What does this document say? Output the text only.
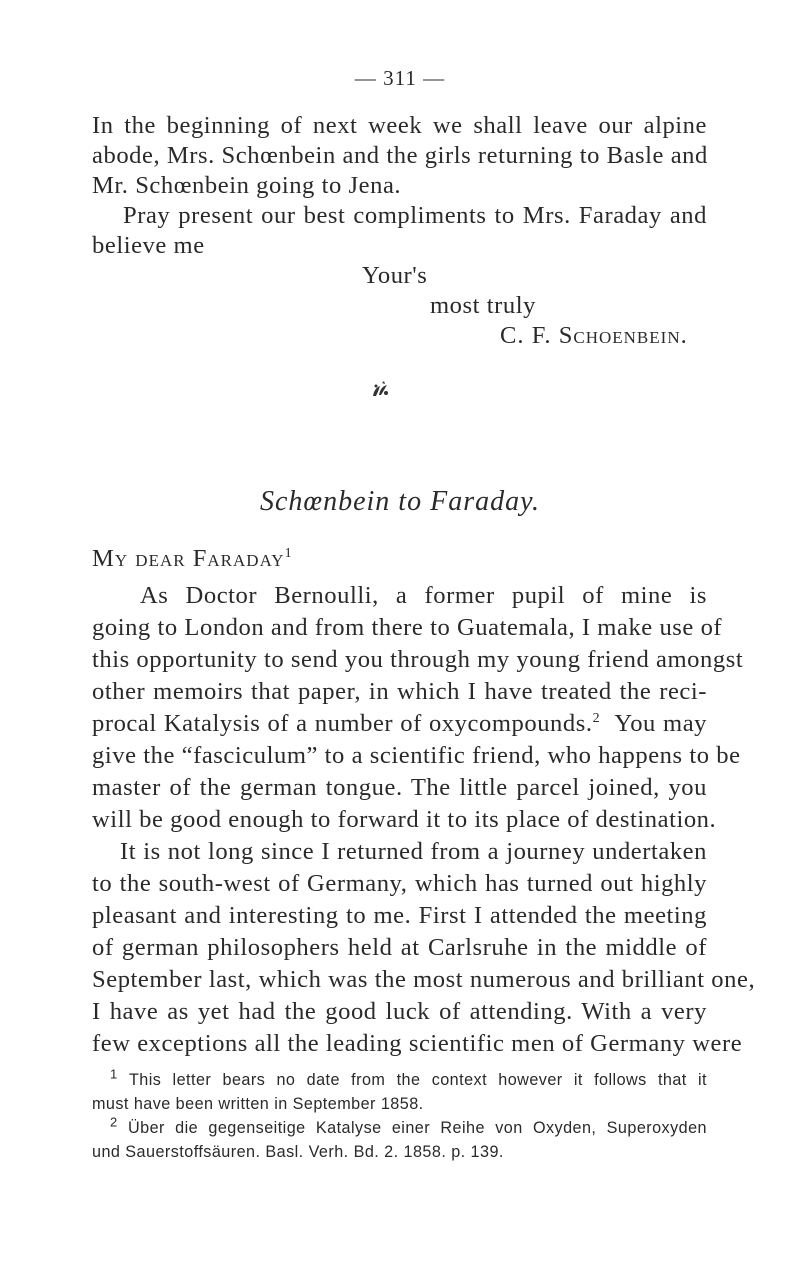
— 311 —
In the beginning of next week we shall leave our alpine
abode, Mrs. Schœnbein and the girls returning to Basle and
Mr. Schœnbein going to Jena.
Pray present our best compliments to Mrs. Faraday and
believe me
Your's
most truly
C. F. Schoenbein.
Schœnbein to Faraday.
My dear Faraday$^1$
As Doctor Bernoulli, a former pupil of mine is
going to London and from there to Guatemala, I make use of
this opportunity to send you through my young friend amongst
other memoirs that paper, in which I have treated the reci-
procal Katalysis of a number of oxycompounds.$^2$ You may
give the “fasciculum” to a scientific friend, who happens to be
master of the german tongue. The little parcel joined, you
will be good enough to forward it to its place of destination.
It is not long since I returned from a journey undertaken
to the south-west of Germany, which has turned out highly
pleasant and interesting to me. First I attended the meeting
of german philosophers held at Carlsruhe in the middle of
September last, which was the most numerous and brilliant one,
I have as yet had the good luck of attending. With a very
few exceptions all the leading scientific men of Germany were
$^1$ This letter bears no date from the context however it follows that it
must have been written in September 1858.
$^2$ Über die gegenseitige Katalyse einer Reihe von Oxyden, Superoxyden
und Sauerstoffsäuren. Basl. Verh. Bd. 2. 1858. p. 139.
